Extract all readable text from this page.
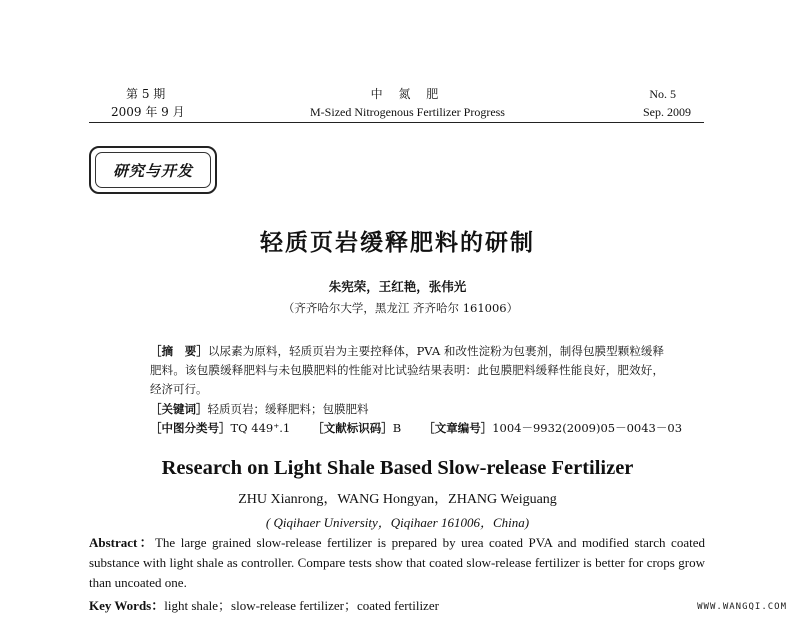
第 5 期
2009 年 9 月
中 氮 肥
M-Sized Nitrogenous Fertilizer Progress
No. 5
Sep. 2009
研究与开发
轻质页岩缓释肥料的研制
朱宪荣，王红艳，张伟光
（齐齐哈尔大学，黑龙江 齐齐哈尔 161006）
［摘　要］以尿素为原料，轻质页岩为主要控释体，PVA 和改性淀粉为包裹剂，制得包膜型颗粒缓释肥料。该包膜缓释肥料与未包膜肥料的性能对比试验结果表明：此包膜肥料缓释性能良好，肥效好，经济可行。
［关键词］轻质页岩；缓释肥料；包膜肥料
［中图分类号］TQ 449⁺.1 ［文献标识码］B ［文章编号］1004－9932(2009)05－0043－03
Research on Light Shale Based Slow-release Fertilizer
ZHU Xianrong，WANG Hongyan，ZHANG Weiguang
( Qiqihaer University，Qiqihaer 161006，China)
Abstract：The large grained slow-release fertilizer is prepared by urea coated PVA and modified starch coated substance with light shale as controller. Compare tests show that coated slow-release fertilizer is better for crops grow than uncoated one.
Key Words：light shale；slow-release fertilizer；coated fertilizer	WWW.WANGQI.COM
